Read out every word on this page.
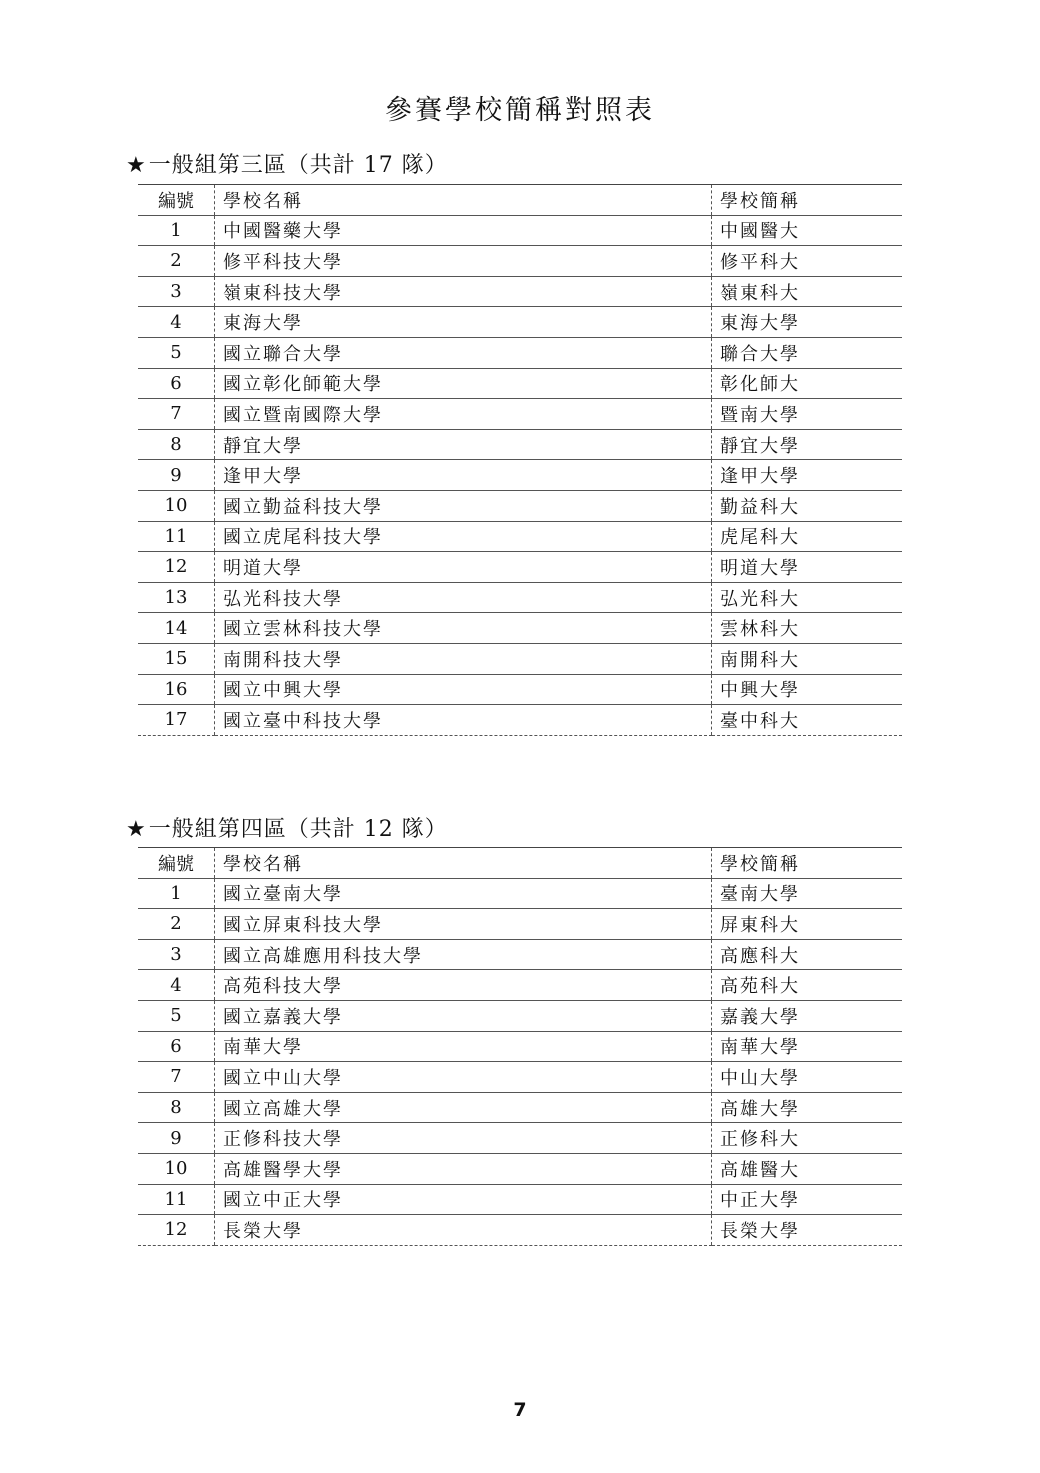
參賽學校簡稱對照表
★一般組第三區（共計 17 隊）
編號	學校名稱	學校簡稱
1	中國醫藥大學	中國醫大
2	修平科技大學	修平科大
3	嶺東科技大學	嶺東科大
4	東海大學	東海大學
5	國立聯合大學	聯合大學
6	國立彰化師範大學	彰化師大
7	國立暨南國際大學	暨南大學
8	靜宜大學	靜宜大學
9	逢甲大學	逢甲大學
10	國立勤益科技大學	勤益科大
11	國立虎尾科技大學	虎尾科大
12	明道大學	明道大學
13	弘光科技大學	弘光科大
14	國立雲林科技大學	雲林科大
15	南開科技大學	南開科大
16	國立中興大學	中興大學
17	國立臺中科技大學	臺中科大
★一般組第四區（共計 12 隊）
編號	學校名稱	學校簡稱
1	國立臺南大學	臺南大學
2	國立屏東科技大學	屏東科大
3	國立高雄應用科技大學	高應科大
4	高苑科技大學	高苑科大
5	國立嘉義大學	嘉義大學
6	南華大學	南華大學
7	國立中山大學	中山大學
8	國立高雄大學	高雄大學
9	正修科技大學	正修科大
10	高雄醫學大學	高雄醫大
11	國立中正大學	中正大學
12	長榮大學	長榮大學
7
